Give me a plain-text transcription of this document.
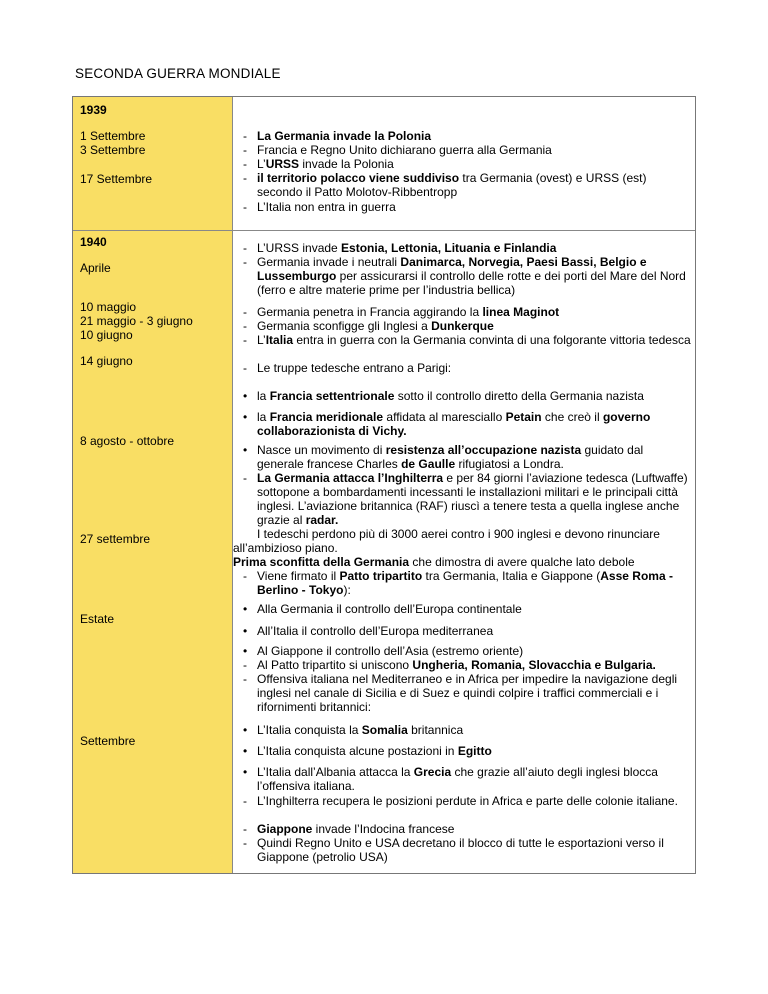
SECONDA GUERRA MONDIALE
1939
1 Settembre
3 Settembre
17 Settembre
1940
Aprile
10 maggio
21 maggio - 3 giugno
10 giugno
14 giugno
8 agosto - ottobre
27 settembre
Estate
Settembre
- La Germania invade la Polonia
- Francia e Regno Unito dichiarano guerra alla Germania
- L’URSS invade la Polonia
- il territorio polacco viene suddiviso tra Germania (ovest) e URSS (est) secondo il Patto Molotov-Ribbentropp
- L’Italia non entra in guerra
- L’URSS invade Estonia, Lettonia, Lituania e Finlandia
- Germania invade i neutrali Danimarca, Norvegia, Paesi Bassi, Belgio e Lussemburgo per assicurarsi il controllo delle rotte e dei porti del Mare del Nord (ferro e altre materie prime per l’industria bellica)
- Germania penetra in Francia aggirando la linea Maginot
- Germania sconfigge gli Inglesi a Dunkerque
- L’Italia entra in guerra con la Germania convinta di una folgorante vittoria tedesca
- Le truppe tedesche entrano a Parigi:
• la Francia settentrionale sotto il controllo diretto della Germania nazista
• la Francia meridionale affidata al maresciallo Petain che creò il governo collaborazionista di Vichy.
• Nasce un movimento di resistenza all’occupazione nazista guidato dal generale francese Charles de Gaulle rifugiatosi a Londra.
- La Germania attacca l’Inghilterra e per 84 giorni l’aviazione tedesca (Luftwaffe) sottopone a bombardamenti incessanti le installazioni militari e le principali città inglesi. L’aviazione britannica (RAF) riuscì a tenere testa a quella inglese anche grazie al radar.
I tedeschi perdono più di 3000 aerei contro i 900 inglesi e devono rinunciare all’ambizioso piano.
Prima sconfitta della Germania che dimostra di avere qualche lato debole
- Viene firmato il Patto tripartito tra Germania, Italia e Giappone (Asse Roma - Berlino - Tokyo):
• Alla Germania il controllo dell’Europa continentale
• All’Italia il controllo dell’Europa mediterranea
• Al Giappone il controllo dell’Asia (estremo oriente)
- Al Patto tripartito si uniscono Ungheria, Romania, Slovacchia e Bulgaria.
- Offensiva italiana nel Mediterraneo e in Africa per impedire la navigazione degli inglesi nel canale di Sicilia e di Suez e quindi colpire i traffici commerciali e i rifornimenti britannici:
• L’Italia conquista la Somalia britannica
• L’Italia conquista alcune postazioni in Egitto
• L’Italia dall’Albania attacca la Grecia che grazie all’aiuto degli inglesi blocca l’offensiva italiana.
- L’Inghilterra recupera le posizioni perdute in Africa e parte delle colonie italiane.
- Giappone invade l’Indocina francese
- Quindi Regno Unito e USA decretano il blocco di tutte le esportazioni verso il Giappone (petrolio USA)
